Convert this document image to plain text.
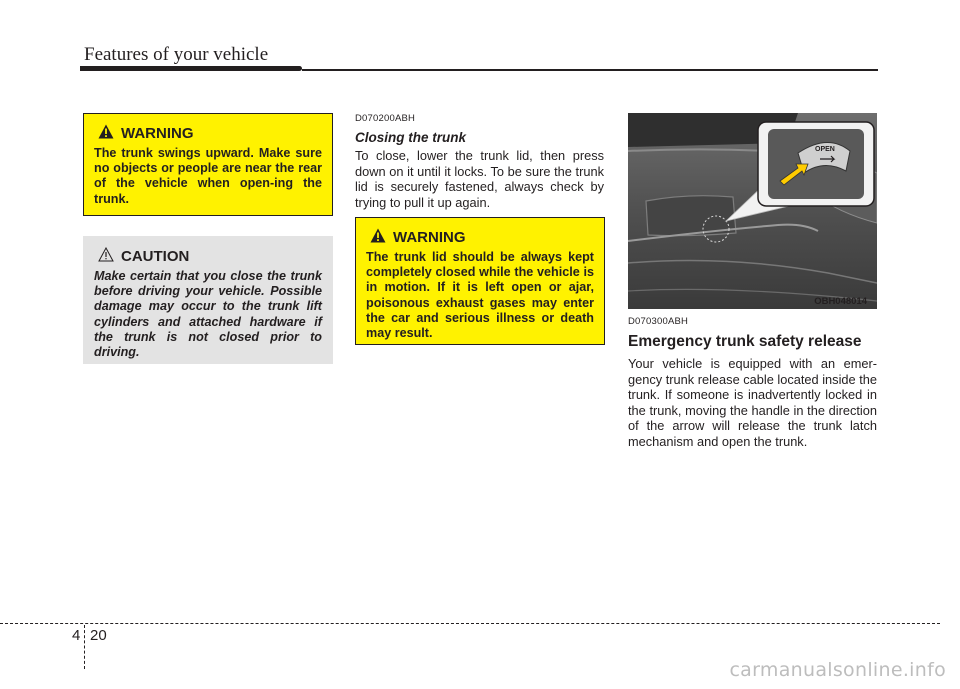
Features of your vehicle
WARNING
The trunk swings upward. Make sure no objects or people are near the rear of the vehicle when open-ing the trunk.
CAUTION
Make certain that you close the trunk before driving your vehicle. Possible damage may occur to the trunk lift cylinders and attached hardware if the trunk is not closed prior to driving.
D070200ABH
Closing the trunk
To close, lower the trunk lid, then press down on it until it locks. To be sure the trunk lid is securely fastened, always check by trying to pull it up again.
WARNING
The trunk lid should be always kept completely closed while the vehicle is in motion. If it is left open or ajar, poisonous exhaust gases may enter the car and serious illness or death may result.
OPEN
OBH048014
D070300ABH
Emergency trunk safety release
Your vehicle is equipped with an emer-gency trunk release cable located inside the trunk. If someone is inadvertently locked in the trunk, moving the handle in the direction of the arrow will release the trunk latch mechanism and open the trunk.
4 20
carmanualsonline.info
